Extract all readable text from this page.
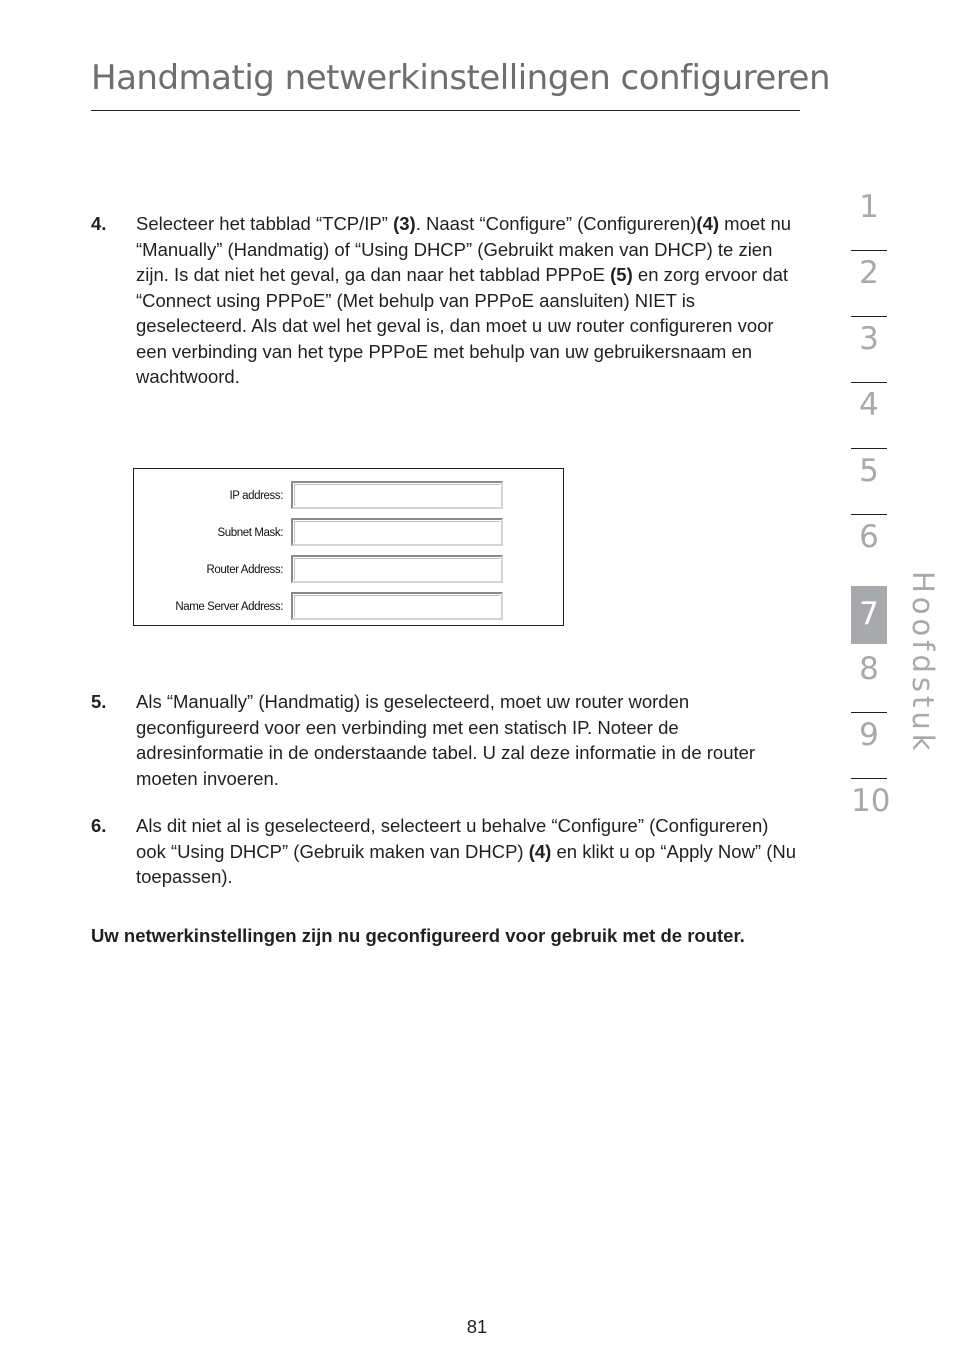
Handmatig netwerkinstellingen configureren
4. Selecteer het tabblad “TCP/IP” (3). Naast “Configure” (Configureren)(4) moet nu “Manually” (Handmatig) of “Using DHCP” (Gebruikt maken van DHCP) te zien zijn. Is dat niet het geval, ga dan naar het tabblad PPPoE (5) en zorg ervoor dat “Connect using PPPoE” (Met behulp van PPPoE aansluiten) NIET is geselecteerd. Als dat wel het geval is, dan moet u uw router configureren voor een verbinding van het type PPPoE met behulp van uw gebruikersnaam en wachtwoord.
IP address:
Subnet Mask:
Router Address:
Name Server Address:
5. Als “Manually” (Handmatig) is geselecteerd, moet uw router worden geconfigureerd voor een verbinding met een statisch IP. Noteer de adresinformatie in de onderstaande tabel. U zal deze informatie in de router moeten invoeren.
6. Als dit niet al is geselecteerd, selecteert u behalve “Configure” (Configureren) ook “Using DHCP” (Gebruik maken van DHCP) (4) en klikt u op “Apply Now” (Nu toepassen).
Uw netwerkinstellingen zijn nu geconfigureerd voor gebruik met de router.
81
1
2
3
4
5
6
7
8
9
10
Hoofdstuk
